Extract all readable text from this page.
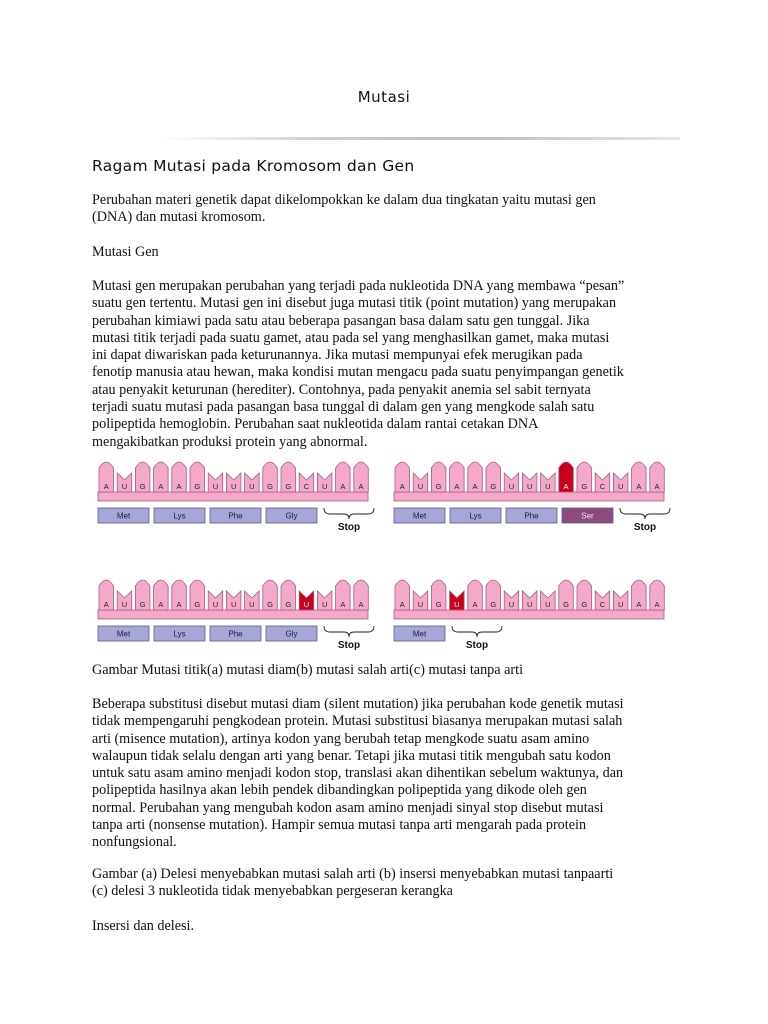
Mutasi
Ragam Mutasi pada Kromosom dan Gen

Perubahan materi genetik dapat dikelompokkan ke dalam dua tingkatan yaitu mutasi gen
(DNA) dan mutasi kromosom.

Mutasi Gen

Mutasi gen merupakan perubahan yang terjadi pada nukleotida DNA yang membawa “pesan”
suatu gen tertentu. Mutasi gen ini disebut juga mutasi titik (point mutation) yang merupakan
perubahan kimiawi pada satu atau beberapa pasangan basa dalam satu gen tunggal. Jika
mutasi titik terjadi pada suatu gamet, atau pada sel yang menghasilkan gamet, maka mutasi
ini dapat diwariskan pada keturunannya. Jika mutasi mempunyai efek merugikan pada
fenotip manusia atau hewan, maka kondisi mutan mengacu pada suatu penyimpangan genetik
atau penyakit keturunan (herediter). Contohnya, pada penyakit anemia sel sabit ternyata
terjadi suatu mutasi pada pasangan basa tunggal di dalam gen yang mengkode salah satu
polipeptida hemoglobin. Perubahan saat nukleotida dalam rantai cetakan DNA
mengakibatkan produksi protein yang abnormal.

A U G A A G U U U G G C U A A
Met	Lys	Phe	Gly
Stop
A U G A A G U U U A G C U A A
Met	Lys	Phe	Ser
Stop
A U G A A G U U U G G U U A A
Met	Lys	Phe	Gly
Stop
A U G U A G U U U G G C U A A
Met
Stop

Gambar Mutasi titik(a) mutasi diam(b) mutasi salah arti(c) mutasi tanpa arti

Beberapa substitusi disebut mutasi diam (silent mutation) jika perubahan kode genetik mutasi
tidak mempengaruhi pengkodean protein. Mutasi substitusi biasanya merupakan mutasi salah
arti (misence mutation), artinya kodon yang berubah tetap mengkode suatu asam amino
walaupun tidak selalu dengan arti yang benar. Tetapi jika mutasi titik mengubah satu kodon
untuk satu asam amino menjadi kodon stop, translasi akan dihentikan sebelum waktunya, dan
polipeptida hasilnya akan lebih pendek dibandingkan polipeptida yang dikode oleh gen
normal. Perubahan yang mengubah kodon asam amino menjadi sinyal stop disebut mutasi
tanpa arti (nonsense mutation). Hampir semua mutasi tanpa arti mengarah pada protein
nonfungsional.

Gambar (a) Delesi menyebabkan mutasi salah arti (b) insersi menyebabkan mutasi tanpaarti
(c) delesi 3 nukleotida tidak menyebabkan pergeseran kerangka

Insersi dan delesi.
